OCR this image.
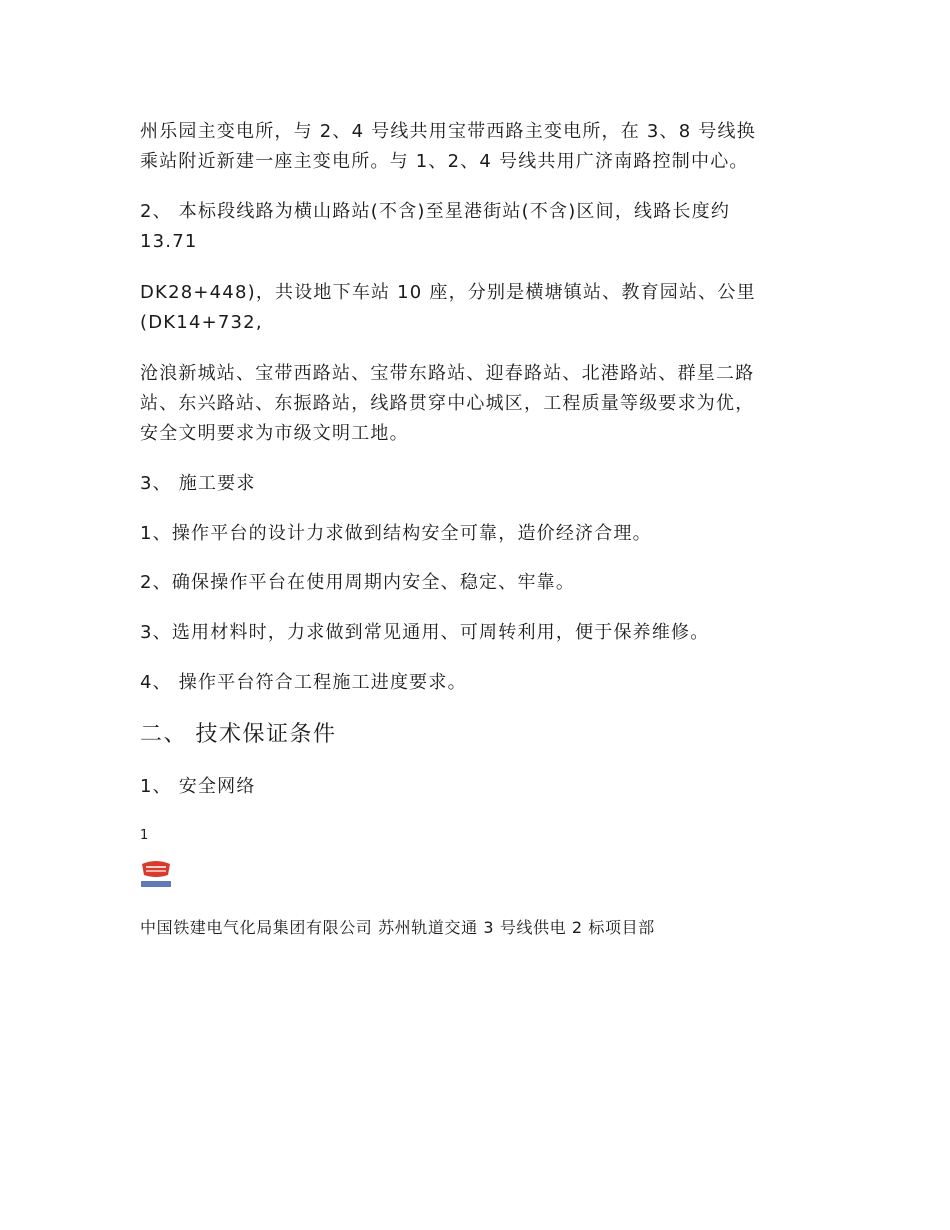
州乐园主变电所，与 2、4 号线共用宝带西路主变电所，在 3、8 号线换

乘站附近新建一座主变电所。与 1、2、4 号线共用广济南路控制中心。

2、 本标段线路为横山路站(不含)至星港街站(不含)区间，线路长度约

13.71

DK28+448)，共设地下车站 10 座，分别是横塘镇站、教育园站、公里

(DK14+732,

沧浪新城站、宝带西路站、宝带东路站、迎春路站、北港路站、群星二路

站、东兴路站、东振路站，线路贯穿中心城区，工程质量等级要求为优，

安全文明要求为市级文明工地。

3、 施工要求

1、操作平台的设计力求做到结构安全可靠，造价经济合理。

2、确保操作平台在使用周期内安全、稳定、牢靠。

3、选用材料时，力求做到常见通用、可周转利用，便于保养维修。

4、 操作平台符合工程施工进度要求。

二、 技术保证条件

1、 安全网络

1

中国铁建电气化局集团有限公司 苏州轨道交通 3 号线供电 2 标项目部
